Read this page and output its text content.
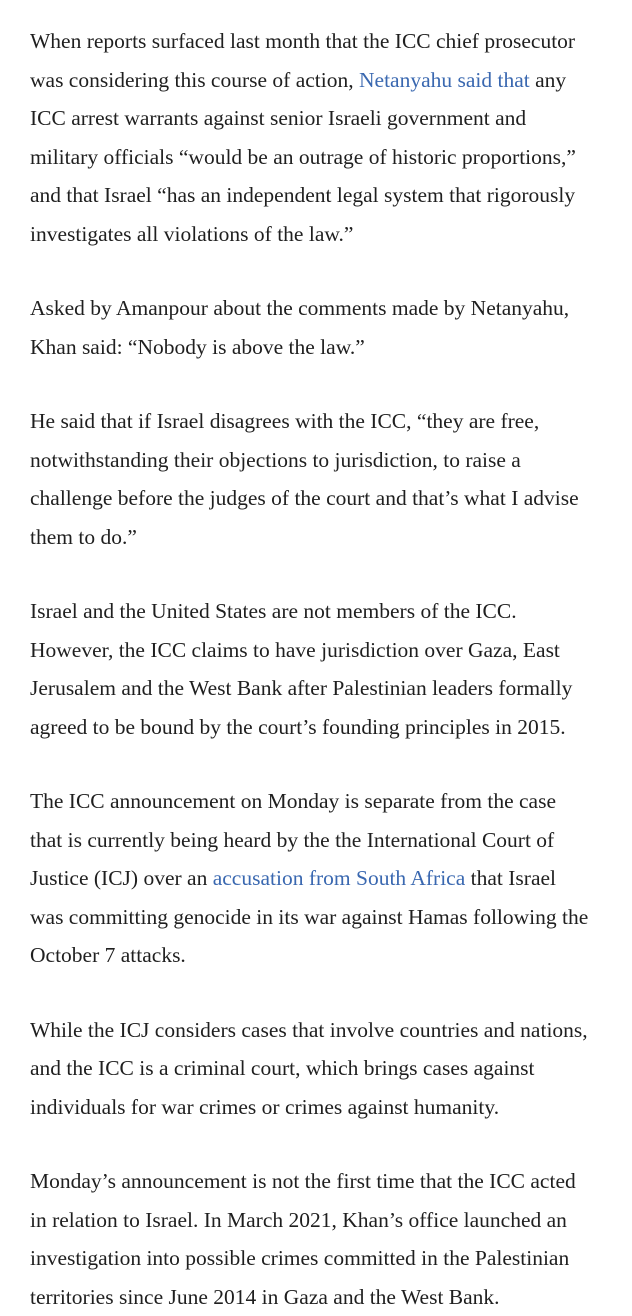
When reports surfaced last month that the ICC chief prosecutor
was considering this course of action, Netanyahu said that any
ICC arrest warrants against senior Israeli government and
military officials “would be an outrage of historic proportions,”
and that Israel “has an independent legal system that rigorously
investigates all violations of the law.”

Asked by Amanpour about the comments made by Netanyahu,
Khan said: “Nobody is above the law.”

He said that if Israel disagrees with the ICC, “they are free,
notwithstanding their objections to jurisdiction, to raise a
challenge before the judges of the court and that’s what I advise
them to do.”

Israel and the United States are not members of the ICC.
However, the ICC claims to have jurisdiction over Gaza, East
Jerusalem and the West Bank after Palestinian leaders formally
agreed to be bound by the court’s founding principles in 2015.

The ICC announcement on Monday is separate from the case
that is currently being heard by the the International Court of
Justice (ICJ) over an accusation from South Africa that Israel
was committing genocide in its war against Hamas following the
October 7 attacks.

While the ICJ considers cases that involve countries and nations,
and the ICC is a criminal court, which brings cases against
individuals for war crimes or crimes against humanity.

Monday’s announcement is not the first time that the ICC acted
in relation to Israel. In March 2021, Khan’s office launched an
investigation into possible crimes committed in the Palestinian
territories since June 2014 in Gaza and the West Bank.
